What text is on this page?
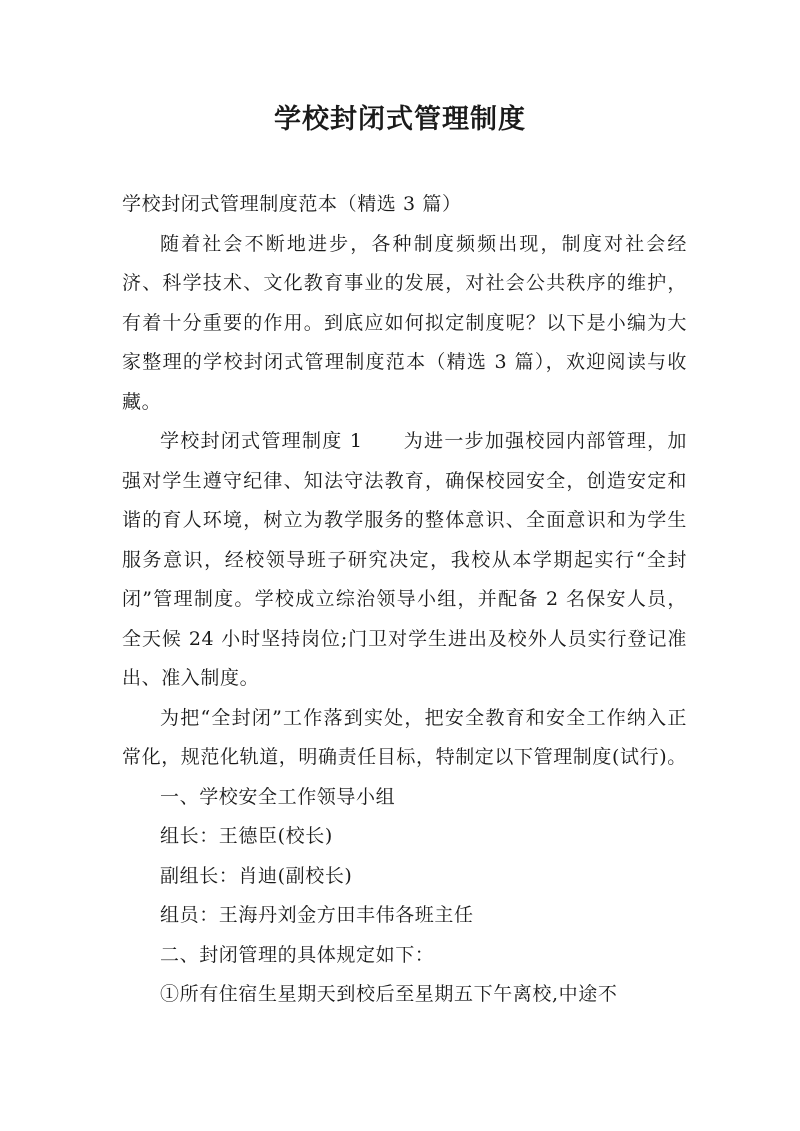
学校封闭式管理制度

学校封闭式管理制度范本（精选 3 篇）

随着社会不断地进步，各种制度频频出现，制度对社会经济、科学技术、文化教育事业的发展，对社会公共秩序的维护，有着十分重要的作用。到底应如何拟定制度呢？以下是小编为大家整理的学校封闭式管理制度范本（精选 3 篇），欢迎阅读与收藏。

学校封闭式管理制度 1　　为进一步加强校园内部管理，加强对学生遵守纪律、知法守法教育，确保校园安全，创造安定和谐的育人环境，树立为教学服务的整体意识、全面意识和为学生服务意识，经校领导班子研究决定，我校从本学期起实行“全封闭”管理制度。学校成立综治领导小组，并配备 2 名保安人员，全天候 24 小时坚持岗位;门卫对学生进出及校外人员实行登记准出、准入制度。

为把“全封闭”工作落到实处，把安全教育和安全工作纳入正常化，规范化轨道，明确责任目标，特制定以下管理制度(试行)。

一、学校安全工作领导小组

组长：王德臣(校长)

副组长：肖迪(副校长)

组员：王海丹刘金方田丰伟各班主任

二、封闭管理的具体规定如下：

①所有住宿生星期天到校后至星期五下午离校,中途不
